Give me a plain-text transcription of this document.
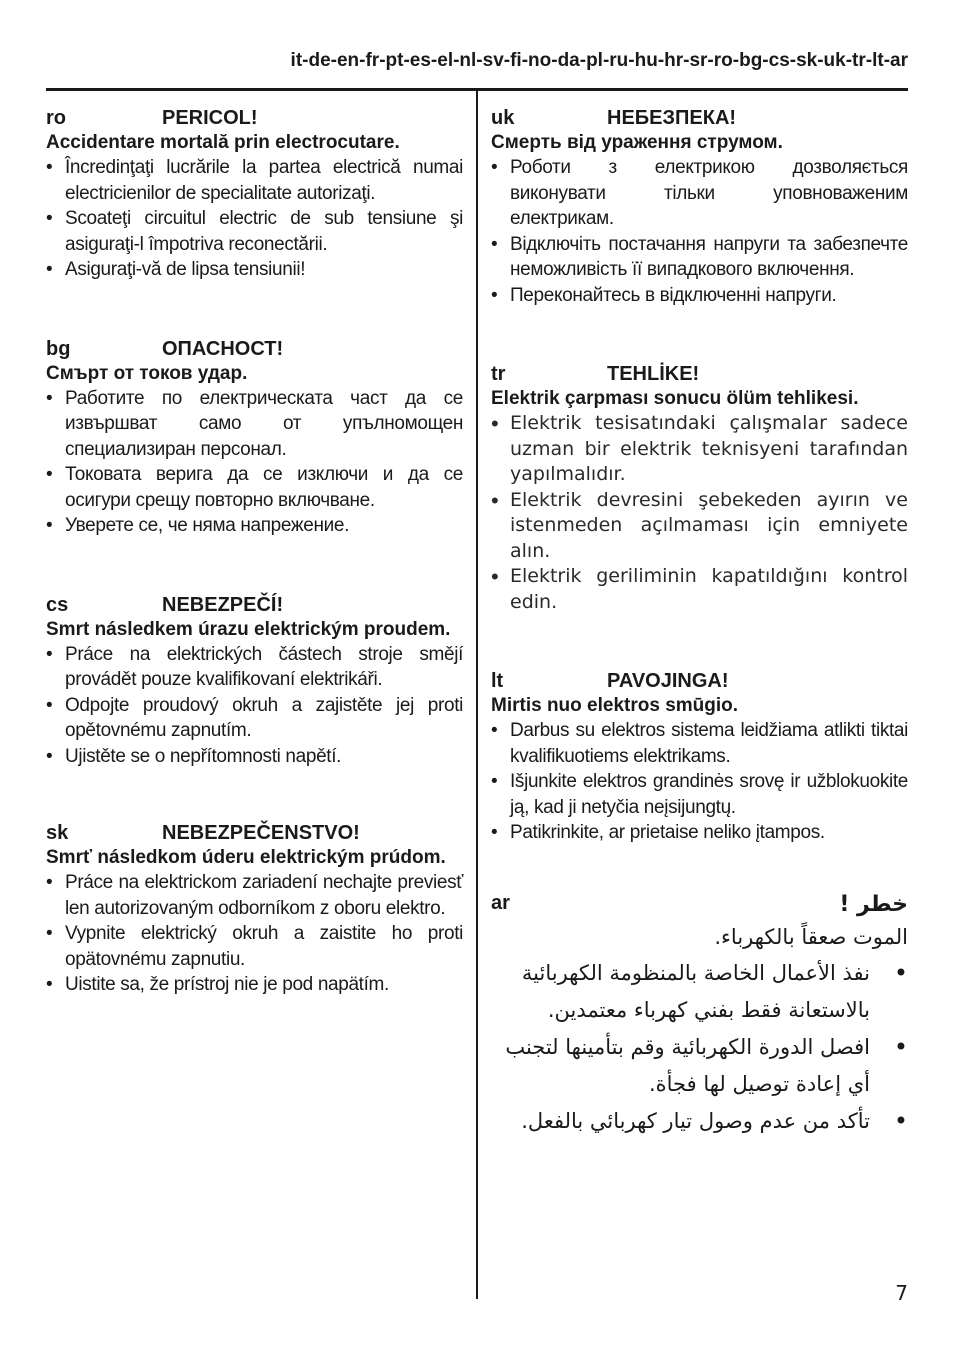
it-de-en-fr-pt-es-el-nl-sv-fi-no-da-pl-ru-hu-hr-sr-ro-bg-cs-sk-uk-tr-lt-ar
ro	PERICOL!
Accidentare mortală prin electrocutare.
• Încredinţaţi lucrările la partea electrică numai electricienilor de specialitate autorizaţi.
• Scoateţi circuitul electric de sub tensiune şi asiguraţi-l împotriva reconectării.
• Asiguraţi-vă de lipsa tensiunii!
bg	ОПАСНОСТ!
Смърт от токов удар.
• Работите по електрическата част да се извършват само от упълномощен специализиран персонал.
• Токовата верига да се изключи и да се осигури срещу повторно включване.
• Уверете се, че няма напрежение.
cs	NEBEZPEČÍ!
Smrt následkem úrazu elektrickým proudem.
• Práce na elektrických částech stroje smějí provádět pouze kvalifikovaní elektrikáři.
• Odpojte proudový okruh a zajistěte jej proti opětovnému zapnutím.
• Ujistěte se o nepřítomnosti napětí.
sk	NEBEZPEČENSTVO!
Smrť následkom úderu elektrickým prúdom.
• Práce na elektrickom zariadení nechajte previesť len autorizovaným odborníkom z oboru elektro.
• Vypnite elektrický okruh a zaistite ho proti opätovnému zapnutiu.
• Uistite sa, že prístroj nie je pod napätím.
uk	НЕБЕЗПЕКА!
Смерть від ураження струмом.
• Роботи з електрикою дозволяється виконувати тільки уповноваженим електрикам.
• Відключіть постачання напруги та забезпечте неможливість її випадкового включення.
• Переконайтесь в відключенні напруги.
tr	TEHLİKE!
Elektrik çarpması sonucu ölüm tehlikesi.
• Elektrik tesisatındaki çalışmalar sadece uzman bir elektrik teknisyeni tarafından yapılmalıdır.
• Elektrik devresini şebekeden ayırın ve istenmeden açılmaması için emniyete alın.
• Elektrik geriliminin kapatıldığını kontrol edin.
lt	PAVOJINGA!
Mirtis nuo elektros smūgio.
• Darbus su elektros sistema leidžiama atlikti tiktai kvalifikuotiems elektrikams.
• Išjunkite elektros grandinės srovę ir užblokuokite ją, kad ji netyčia neįsijungtų.
• Patikrinkite, ar prietaise neliko įtampos.
ar	خطر !
الموت صعقاً بالكهرباء.
• نفذ الأعمال الخاصة بالمنظومة الكهربائية بالاستعانة فقط بفني كهرباء معتمدين.
• افصل الدورة الكهربائية وقم بتأمينها لتجنب أي إعادة توصيل لها فجأة.
• تأكد من عدم وصول تيار كهربائي بالفعل.
7
